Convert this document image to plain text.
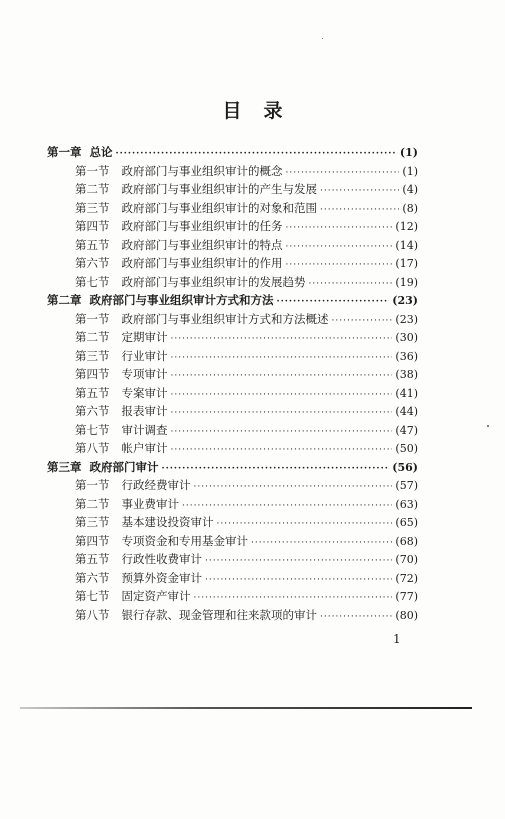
目录
第一章 总论 ·····	(1)
第一节 政府部门与事业组织审计的概念 ·····	(1)
第二节 政府部门与事业组织审计的产生与发展 ·····	(4)
第三节 政府部门与事业组织审计的对象和范围 ·····	(8)
第四节 政府部门与事业组织审计的任务 ·····	(12)
第五节 政府部门与事业组织审计的特点 ·····	(14)
第六节 政府部门与事业组织审计的作用 ·····	(17)
第七节 政府部门与事业组织审计的发展趋势 ·····	(19)
第二章 政府部门与事业组织审计方式和方法 ·····	(23)
第一节 政府部门与事业组织审计方式和方法概述 ·····	(23)
第二节 定期审计 ·····	(30)
第三节 行业审计 ·····	(36)
第四节 专项审计 ·····	(38)
第五节 专案审计 ·····	(41)
第六节 报表审计 ·····	(44)
第七节 审计调查 ·····	(47)
第八节 帐户审计 ·····	(50)
第三章 政府部门审计 ·····	(56)
第一节 行政经费审计 ·····	(57)
第二节 事业费审计 ·····	(63)
第三节 基本建设投资审计 ·····	(65)
第四节 专项资金和专用基金审计 ·····	(68)
第五节 行政性收费审计 ·····	(70)
第六节 预算外资金审计 ·····	(72)
第七节 固定资产审计 ·····	(77)
第八节 银行存款、现金管理和往来款项的审计 ·····	(80)
1
